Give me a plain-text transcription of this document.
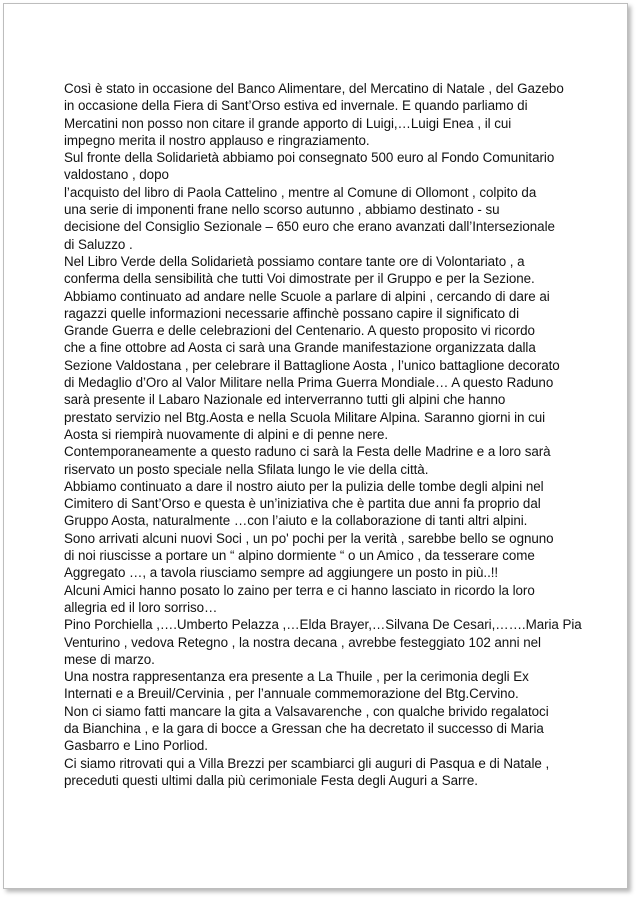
Così è stato in occasione del Banco Alimentare, del Mercatino di Natale , del Gazebo
in occasione della Fiera di Sant’Orso estiva ed invernale. E quando parliamo di
Mercatini non posso non citare il grande apporto di Luigi,…Luigi Enea , il cui
impegno merita il nostro applauso e ringraziamento.
Sul fronte della Solidarietà abbiamo poi consegnato 500 euro al Fondo Comunitario
valdostano , dopo
l’acquisto del libro di Paola Cattelino , mentre al Comune di Ollomont , colpito da
una serie di imponenti frane nello scorso autunno , abbiamo destinato - su
decisione del Consiglio Sezionale – 650 euro che erano avanzati dall’Intersezionale
di Saluzzo .
Nel Libro Verde della Solidarietà possiamo contare tante ore di Volontariato , a
conferma della sensibilità che tutti Voi dimostrate per il Gruppo e per la Sezione.
Abbiamo continuato ad andare nelle Scuole a parlare di alpini , cercando di dare ai
ragazzi quelle informazioni necessarie affinchè possano capire il significato di
Grande Guerra e delle celebrazioni del Centenario. A questo proposito vi ricordo
che a fine ottobre ad Aosta ci sarà una Grande manifestazione organizzata dalla
Sezione Valdostana , per celebrare il Battaglione Aosta , l’unico battaglione decorato
di Medaglio d’Oro al Valor Militare nella Prima Guerra Mondiale… A questo Raduno
sarà presente il Labaro Nazionale ed interverranno tutti gli alpini che hanno
prestato servizio nel Btg.Aosta e nella Scuola Militare Alpina. Saranno giorni in cui
Aosta si riempirà nuovamente di alpini e di penne nere.
Contemporaneamente a questo raduno ci sarà la Festa delle Madrine e a loro sarà
riservato un posto speciale nella Sfilata lungo le vie della città.
Abbiamo continuato a dare il nostro aiuto per la pulizia delle tombe degli alpini nel
Cimitero di Sant’Orso e questa è un’iniziativa che è partita due anni fa proprio dal
Gruppo Aosta, naturalmente …con l’aiuto e la collaborazione di tanti altri alpini.
Sono arrivati alcuni nuovi Soci , un po' pochi per la verità , sarebbe bello se ognuno
di noi riuscisse a portare un “ alpino dormiente “ o un Amico , da tesserare come
Aggregato …, a tavola riusciamo sempre ad aggiungere un posto in più..!!
Alcuni Amici hanno posato lo zaino per terra e ci hanno lasciato in ricordo la loro
allegria ed il loro sorriso…
Pino Porchiella ,….Umberto Pelazza ,…Elda Brayer,…Silvana De Cesari,…….Maria Pia
Venturino , vedova Retegno , la nostra decana , avrebbe festeggiato 102 anni nel
mese di marzo.
Una nostra rappresentanza era presente a La Thuile , per la cerimonia degli Ex
Internati e a Breuil/Cervinia , per l’annuale commemorazione del Btg.Cervino.
Non ci siamo fatti mancare la gita a Valsavarenche , con qualche brivido regalatoci
da Bianchina , e la gara di bocce a Gressan che ha decretato il successo di Maria
Gasbarro e Lino Porliod.
Ci siamo ritrovati qui a Villa Brezzi per scambiarci gli auguri di Pasqua e di Natale ,
preceduti questi ultimi dalla più cerimoniale Festa degli Auguri a Sarre.
